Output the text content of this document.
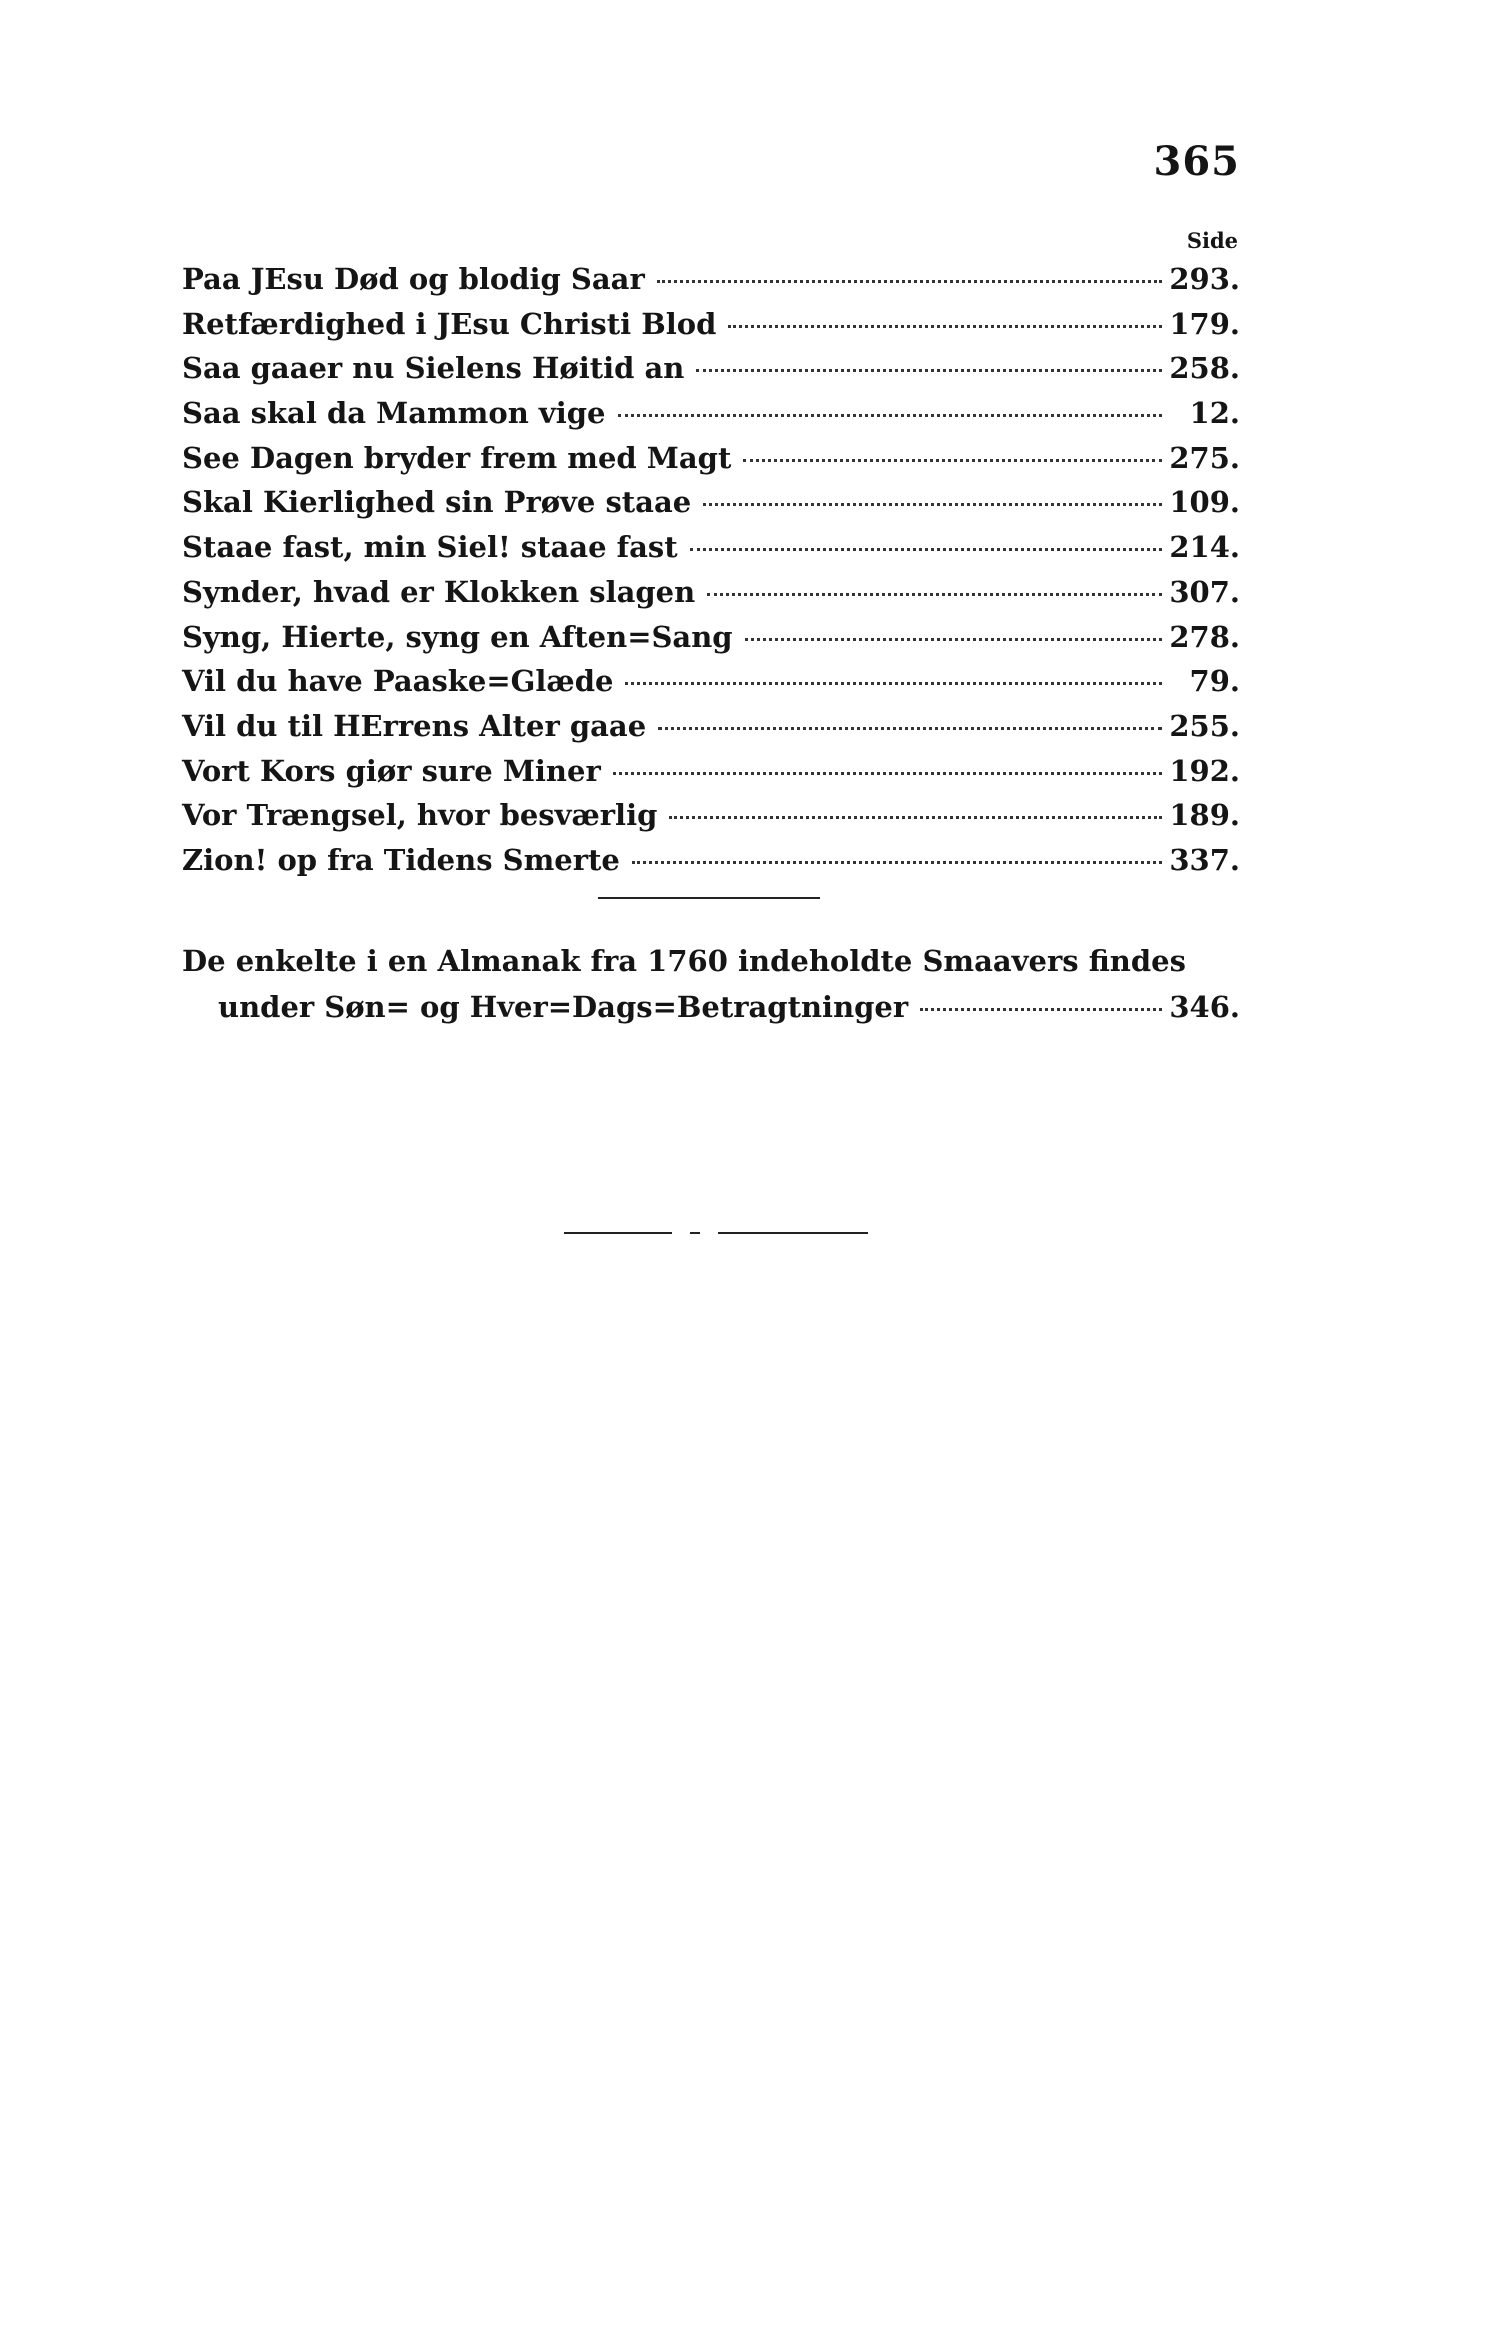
365
Side
Paa JEsu Død og blodig Saar	293.
Retfærdighed i JEsu Christi Blod	179.
Saa gaaer nu Sielens Høitid an	258.
Saa skal da Mammon vige	12.
See Dagen bryder frem med Magt	275.
Skal Kierlighed sin Prøve staae	109.
Staae fast, min Siel! staae fast	214.
Synder, hvad er Klokken slagen	307.
Syng, Hierte, syng en Aften=Sang	278.
Vil du have Paaske=Glæde	79.
Vil du til HErrens Alter gaae	255.
Vort Kors giør sure Miner	192.
Vor Trængsel, hvor besværlig	189.
Zion! op fra Tidens Smerte	337.
De enkelte i en Almanak fra 1760 indeholdte Smaavers findes
under Søn= og Hver=Dags=Betragtninger	346.
